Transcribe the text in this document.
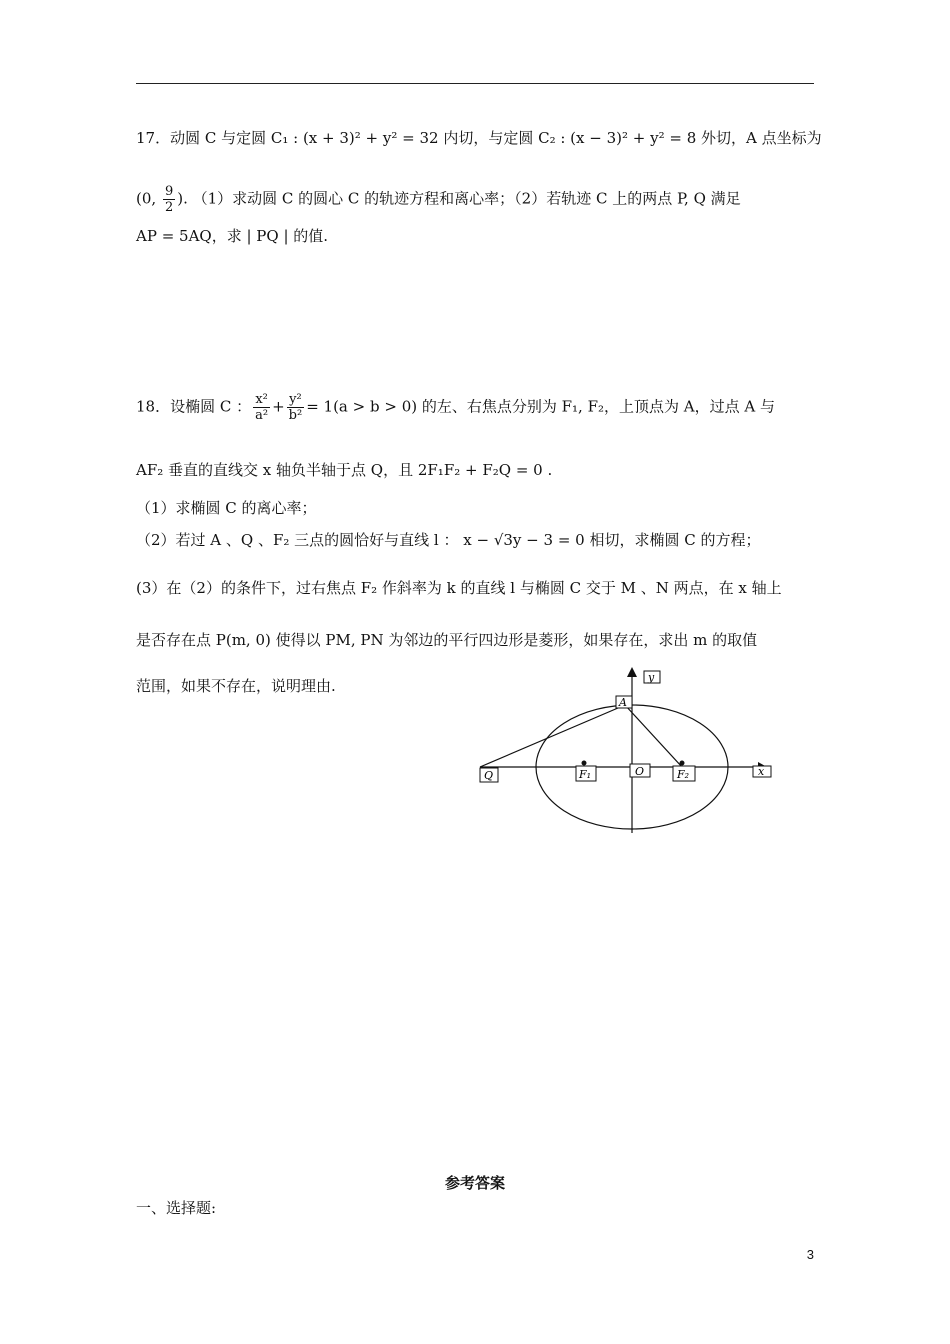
17．动圆 C 与定圆 C₁ : (x + 3)² + y² = 32 内切，与定圆 C₂ : (x − 3)² + y² = 8 外切，A 点坐标为
(0, $\frac{9}{2}$ ). （1）求动圆 C 的圆心 C 的轨迹方程和离心率；（2）若轨迹 C 上的两点 P, Q 满足
AP = 5AQ，求 | PQ | 的值.
18．设椭圆 C ： $\frac{\text{x²}}{\text{a²}} + \frac{\text{y²}}{\text{b²}} = 1(a > b > 0)$ 的左、右焦点分别为 F₁, F₂，上顶点为 A，过点 A 与
AF₂ 垂直的直线交 x 轴负半轴于点 Q，且 2F₁F₂ + F₂Q = 0 .
（1）求椭圆 C 的离心率；
（2）若过 A 、Q 、F₂ 三点的圆恰好与直线 l ： x − √3y − 3 = 0 相切，求椭圆 C 的方程；
(3）在（2）的条件下，过右焦点 F₂ 作斜率为 k 的直线 l 与椭圆 C 交于 M 、N 两点，在 x 轴上
是否存在点 P(m, 0) 使得以 PM, PN 为邻边的平行四边形是菱形，如果存在，求出 m 的取值
范围，如果不存在，说明理由.	y
A
Q	F₁	O	F₂	x
参考答案
一、选择题:
3
